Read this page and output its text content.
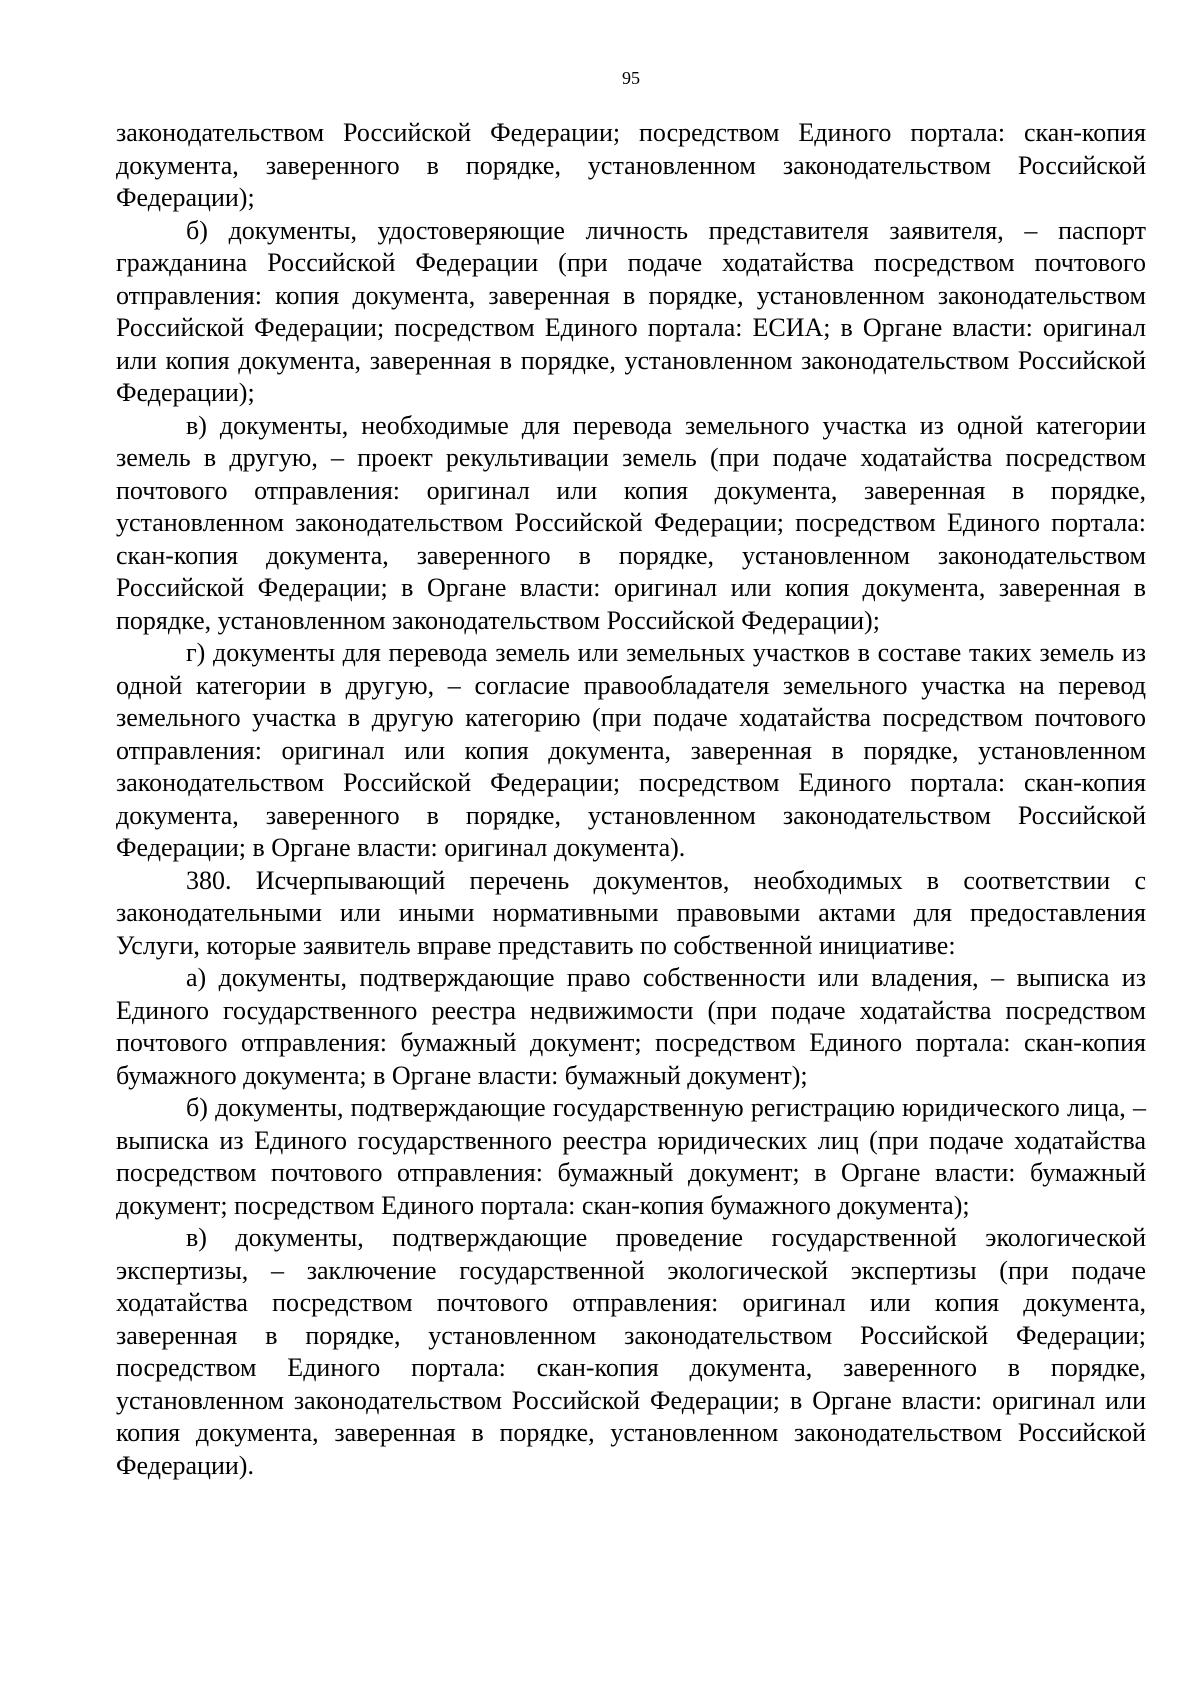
95

законодательством Российской Федерации; посредством Единого портала: скан-копия документа, заверенного в порядке, установленном законодательством Российской Федерации);

б) документы, удостоверяющие личность представителя заявителя, – паспорт гражданина Российской Федерации (при подаче ходатайства посредством почтового отправления: копия документа, заверенная в порядке, установленном законодательством Российской Федерации; посредством Единого портала: ЕСИА; в Органе власти: оригинал или копия документа, заверенная в порядке, установленном законодательством Российской Федерации);

в) документы, необходимые для перевода земельного участка из одной категории земель в другую, – проект рекультивации земель (при подаче ходатайства посредством почтового отправления: оригинал или копия документа, заверенная в порядке, установленном законодательством Российской Федерации; посредством Единого портала: скан-копия документа, заверенного в порядке, установленном законодательством Российской Федерации; в Органе власти: оригинал или копия документа, заверенная в порядке, установленном законодательством Российской Федерации);

г) документы для перевода земель или земельных участков в составе таких земель из одной категории в другую, – согласие правообладателя земельного участка на перевод земельного участка в другую категорию (при подаче ходатайства посредством почтового отправления: оригинал или копия документа, заверенная в порядке, установленном законодательством Российской Федерации; посредством Единого портала: скан-копия документа, заверенного в порядке, установленном законодательством Российской Федерации; в Органе власти: оригинал документа).

380. Исчерпывающий перечень документов, необходимых в соответствии с законодательными или иными нормативными правовыми актами для предоставления Услуги, которые заявитель вправе представить по собственной инициативе:

а) документы, подтверждающие право собственности или владения, – выписка из Единого государственного реестра недвижимости (при подаче ходатайства посредством почтового отправления: бумажный документ; посредством Единого портала: скан-копия бумажного документа; в Органе власти: бумажный документ);

б) документы, подтверждающие государственную регистрацию юридического лица, – выписка из Единого государственного реестра юридических лиц (при подаче ходатайства посредством почтового отправления: бумажный документ; в Органе власти: бумажный документ; посредством Единого портала: скан-копия бумажного документа);

в) документы, подтверждающие проведение государственной экологической экспертизы, – заключение государственной экологической экспертизы (при подаче ходатайства посредством почтового отправления: оригинал или копия документа, заверенная в порядке, установленном законодательством Российской Федерации; посредством Единого портала: скан-копия документа, заверенного в порядке, установленном законодательством Российской Федерации; в Органе власти: оригинал или копия документа, заверенная в порядке, установленном законодательством Российской Федерации).
